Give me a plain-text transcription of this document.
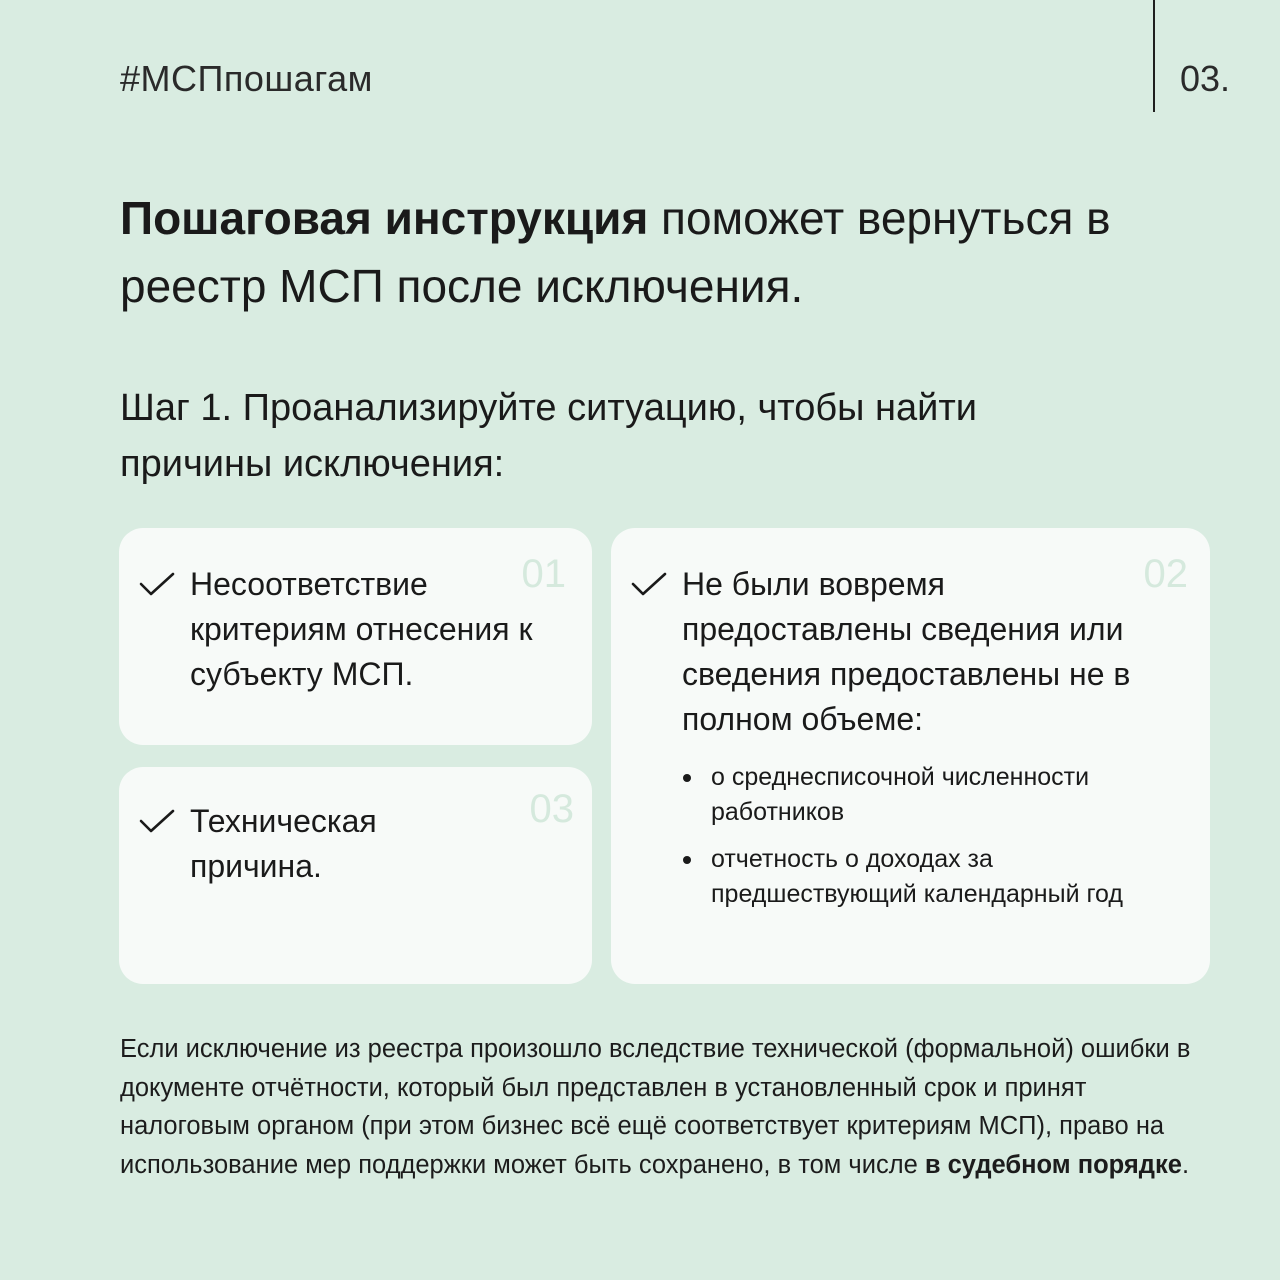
#МСПпошагам	03.
Пошаговая инструкция поможет вернуться в реестр МСП после исключения.
Шаг 1. Проанализируйте ситуацию, чтобы найти причины исключения:
01
Несоответствие критериям отнесения к субъекту МСП.
02
Не были вовремя предоставлены сведения или сведения предоставлены не в полном объеме:
о среднесписочной численности работников
отчетность о доходах за предшествующий календарный год
03
Техническая причина.
Если исключение из реестра произошло вследствие технической (формальной) ошибки в документе отчётности, который был представлен в установленный срок и принят налоговым органом (при этом бизнес всё ещё соответствует критериям МСП), право на использование мер поддержки может быть сохранено, в том числе в судебном порядке.
